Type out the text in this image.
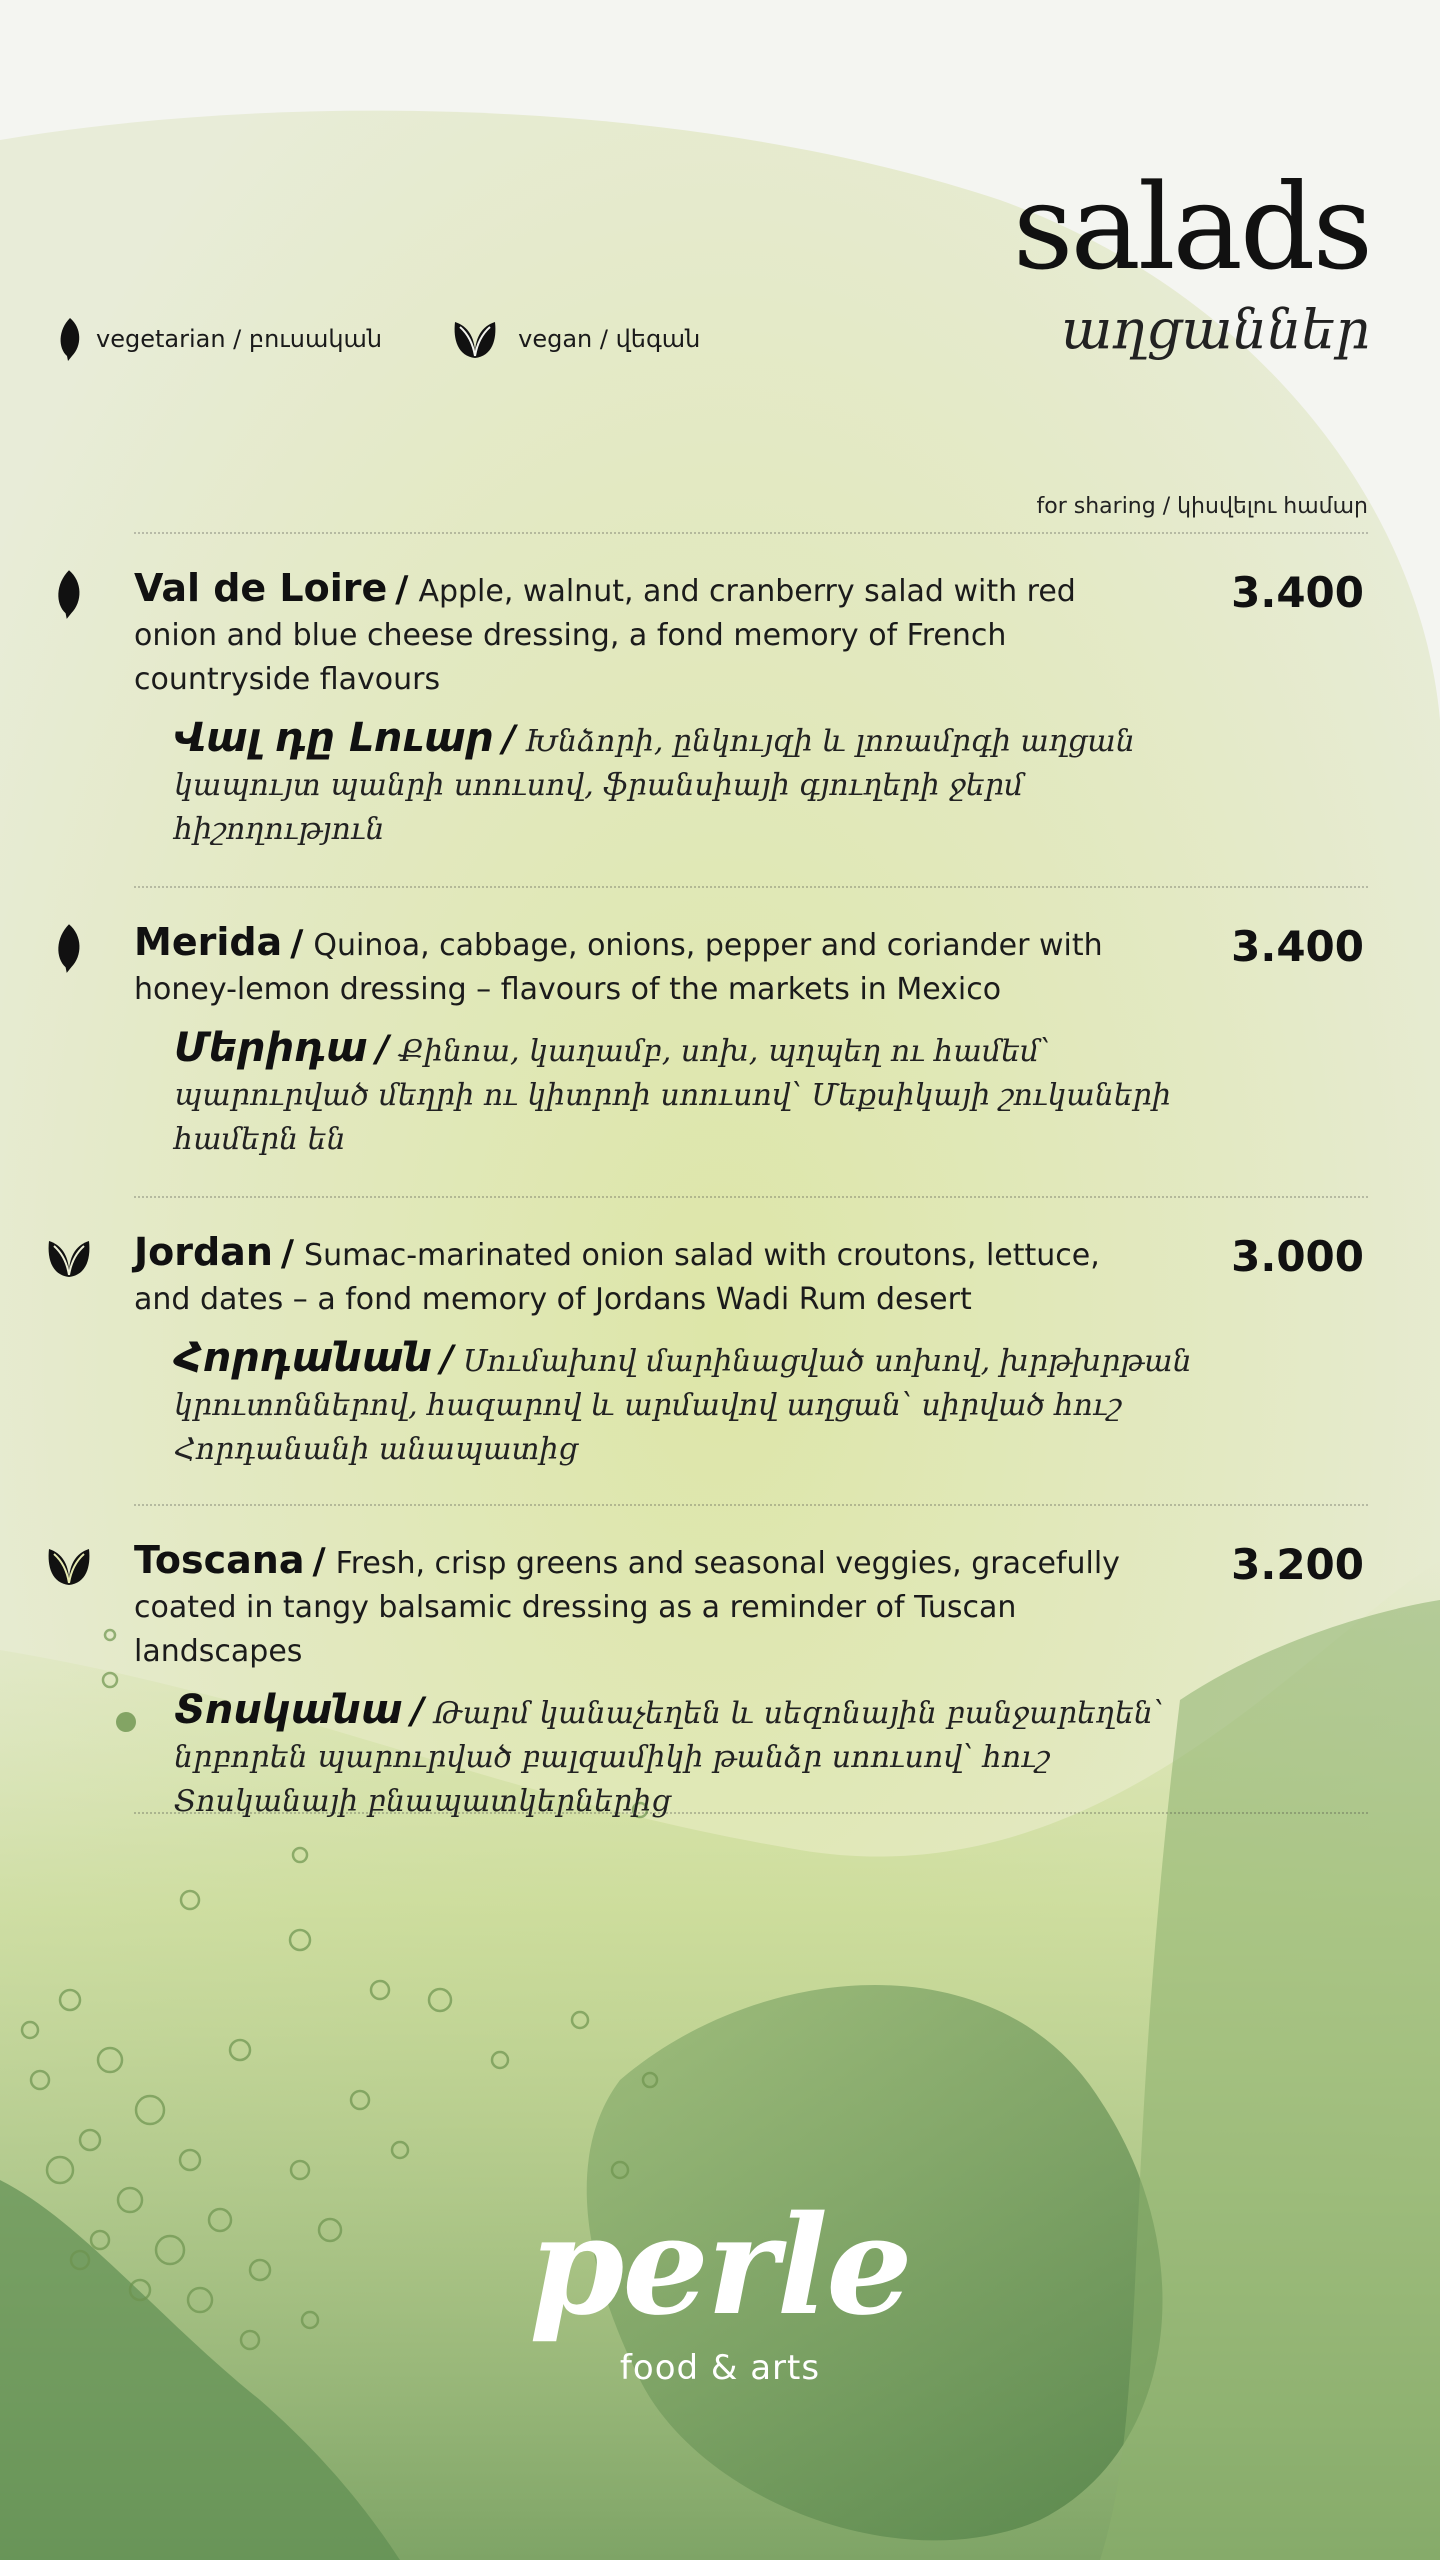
salads
աղցաններ
vegetarian / բուսական	vegan / վեգան
for sharing / կիսվելու համար
Val de Loire / Apple, walnut, and cranberry salad with red onion and blue cheese dressing, a fond memory of French countryside flavours
3.400
Վալ դը Լուար / Խնձորի, ընկույզի և լոռամրգի աղցան կապույտ պանրի սոուսով, ֆրանսիայի գյուղերի ջերմ հիշողություն
Merida / Quinoa, cabbage, onions, pepper and coriander with honey-lemon dressing – flavours of the markets in Mexico
3.400
Մերիդա / Քինոա, կաղամբ, սոխ, պղպեղ ու համեմ՝ պարուրված մեղրի ու կիտրոի սոուսով՝ Մեքսիկայի շուկաների համերն են
Jordan / Sumac-marinated onion salad with croutons, lettuce, and dates – a fond memory of Jordans Wadi Rum desert
3.000
Հորդանան / Սումախով մարինացված սոխով, խրթխրթան կրուտոններով, հազարով և արմավով աղցան՝ սիրված հուշ Հորդանանի անապատից
Toscana / Fresh, crisp greens and seasonal veggies, gracefully coated in tangy balsamic dressing as a reminder of Tuscan landscapes
3.200
Տոսկանա / Թարմ կանաչեղեն և սեզոնային բանջարեղեն՝ նրբորեն պարուրված բալզամիկի թանձր սոուսով՝ հուշ Տոսկանայի բնապատկերներից
perle
food & arts
